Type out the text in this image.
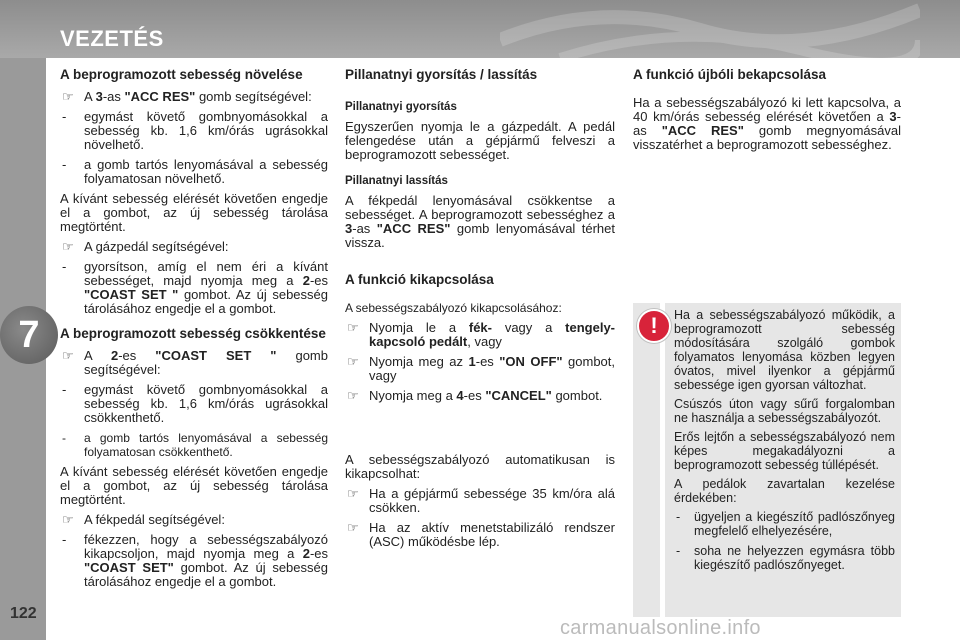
VEZETÉS
7
122
A beprogramozott sebesség növelése
☞ A 3-as "ACC RES" gomb segítségével:
- egymást követő gombnyomásokkal a sebesség kb. 1,6 km/órás ugrásokkal növelhető.
- a gomb tartós lenyomásával a sebesség folyamatosan növelhető.

A kívánt sebesség elérését követően engedje el a gombot, az új sebesség tárolása megtörtént.

☞ A gázpedál segítségével:
- gyorsítson, amíg el nem éri a kívánt sebességet, majd nyomja meg a 2-es "COAST SET " gombot. Az új sebesség tárolásához engedje el a gombot.
A beprogramozott sebesség csökkentése
☞ A 2-es "COAST SET " gomb segítségével:
- egymást követő gombnyomásokkal a sebesség kb. 1,6 km/órás ugrásokkal csökkenthető.
- a gomb tartós lenyomásával a sebesség folyamatosan csökkenthető.

A kívánt sebesség elérését követően engedje el a gombot, az új sebesség tárolása megtörtént.

☞ A fékpedál segítségével:
- fékezzen, hogy a sebességszabályozó kikapcsoljon, majd nyomja meg a 2-es "COAST SET" gombot. Az új sebesség tárolásához engedje el a gombot.
Pillanatnyi gyorsítás / lassítás
Pillanatnyi gyorsítás

Egyszerűen nyomja le a gázpedált. A pedál felengedése után a gépjármű felveszi a beprogramozott sebességet.

Pillanatnyi lassítás

A fékpedál lenyomásával csökkentse a sebességet. A beprogramozott sebességhez a 3-as "ACC RES" gomb lenyomásával térhet vissza.

A funkció kikapcsolása

A sebességszabályozó kikapcsolásához:

☞ Nyomja le a fék- vagy a tengely-kapcsoló pedált, vagy
☞ Nyomja meg az 1-es "ON OFF" gombot, vagy
☞ Nyomja meg a 4-es "CANCEL" gombot.

A sebességszabályozó automatikusan is kikapcsolhat:

☞ Ha a gépjármű sebessége 35 km/óra alá csökken.
☞ Ha az aktív menetstabilizáló rendszer (ASC) működésbe lép.
A funkció újbóli bekapcsolása

Ha a sebességszabályozó ki lett kapcsolva, a 40 km/órás sebesség elérését követően a 3-as "ACC RES" gomb megnyomásával visszatérhet a beprogramozott sebességhez.

!	Ha a sebességszabályozó működik, a beprogramozott sebesség módosítására szolgáló gombok folyamatos lenyomása közben legyen óvatos, mivel ilyenkor a gépjármű sebessége igen gyorsan változhat.

Csúszós úton vagy sűrű forgalomban ne használja a sebességszabályozót.

Erős lejtőn a sebességszabályozó nem képes megakadályozni a beprogramozott sebesség túllépését.

A pedálok zavartalan kezelése érdekében:

- ügyeljen a kiegészítő padlószőnyeg megfelelő elhelyezésére,
- soha ne helyezzen egymásra több kiegészítő padlószőnyeget.
carmanualsonline.info
